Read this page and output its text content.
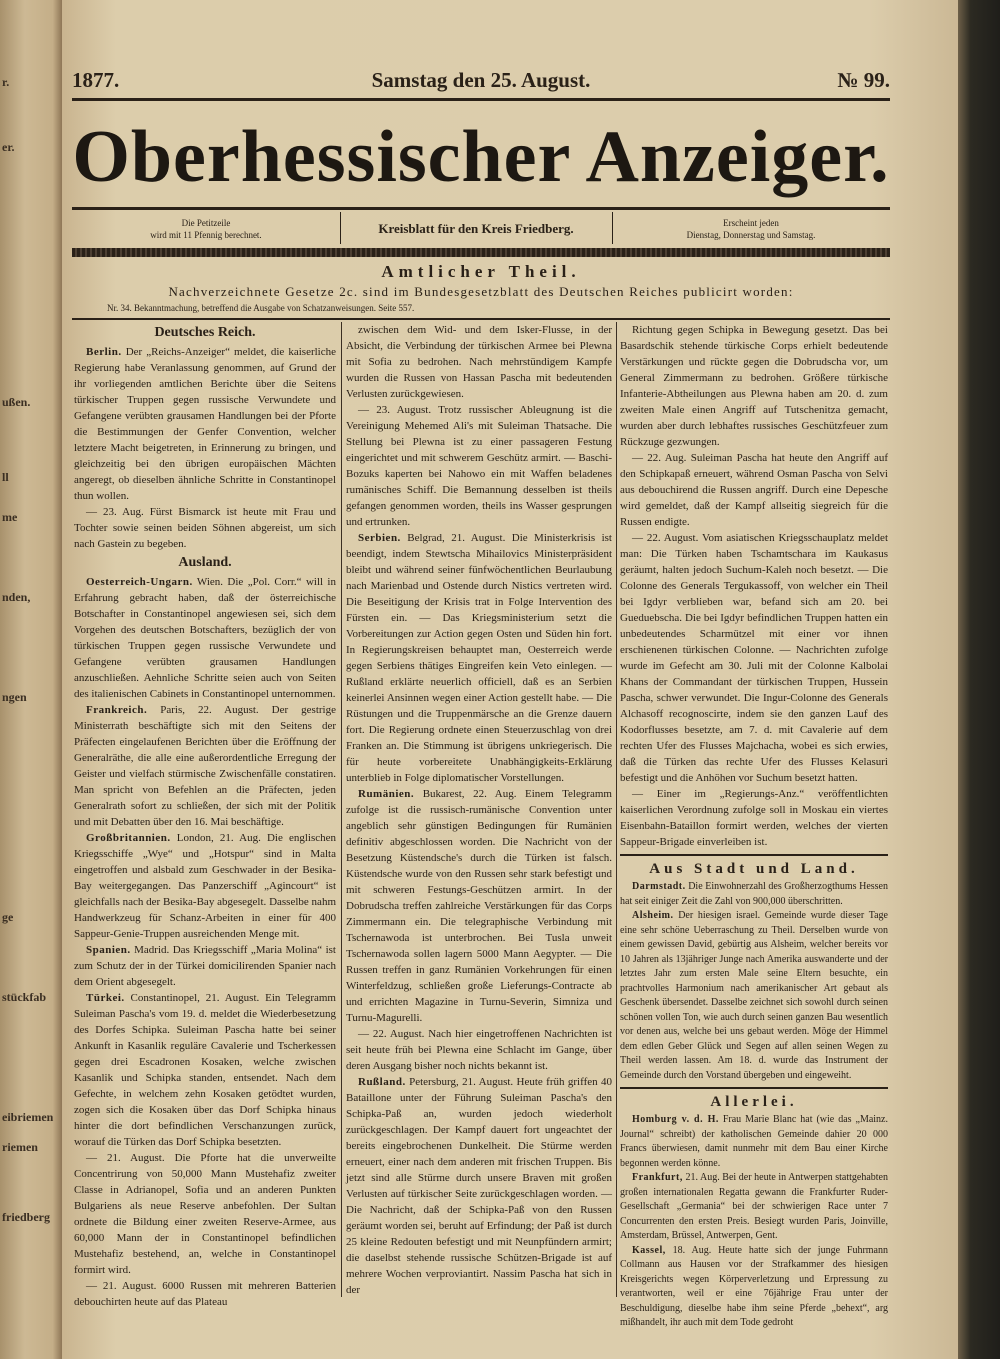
r.
er.
ußen.
ll
me
nden,
ngen
ge
stückfab
eibriemen
riemen
friedberg
1877.	Samstag den 25. August.	№ 99.
Oberhessischer Anzeiger.
Die Petitzeile
wird mit 11 Pfennig berechnet.	Kreisblatt für den Kreis Friedberg.	Erscheint jeden
Dienstag, Donnerstag und Samstag.
Amtlicher Theil.
Nachverzeichnete Gesetze 2c. sind im Bundesgesetzblatt des Deutschen Reiches publicirt worden:
Nr. 34. Bekanntmachung, betreffend die Ausgabe von Schatzanweisungen. Seite 557.
Deutsches Reich.

Berlin. Der „Reichs-Anzeiger“ meldet, die kaiserliche Regierung habe Veranlassung genommen, auf Grund der ihr vorliegenden amtlichen Berichte über die Seitens türkischer Truppen gegen russische Verwundete und Gefangene verübten grausamen Handlungen bei der Pforte die Bestimmungen der Genfer Convention, welcher letztere Macht beigetreten, in Erinnerung zu bringen, und gleichzeitig bei den übrigen europäischen Mächten angeregt, ob dieselben ähnliche Schritte in Constantinopel thun wollen.

— 23. Aug. Fürst Bismarck ist heute mit Frau und Tochter sowie seinen beiden Söhnen abgereist, um sich nach Gastein zu begeben.

Ausland.

Oesterreich-Ungarn. Wien. Die „Pol. Corr.“ will in Erfahrung gebracht haben, daß der österreichische Botschafter in Constantinopel angewiesen sei, sich dem Vorgehen des deutschen Botschafters, bezüglich der von türkischen Truppen gegen russische Verwundete und Gefangene verübten grausamen Handlungen anzuschließen. Aehnliche Schritte seien auch von Seiten des italienischen Cabinets in Constantinopel unternommen.

Frankreich. Paris, 22. August. Der gestrige Ministerrath beschäftigte sich mit den Seitens der Präfecten eingelaufenen Berichten über die Eröffnung der Generalräthe, die alle eine außerordentliche Erregung der Geister und vielfach stürmische Zwischenfälle constatiren. Man spricht von Befehlen an die Präfecten, jeden Generalrath sofort zu schließen, der sich mit der Politik und mit Debatten über den 16. Mai beschäftige.

Großbritannien. London, 21. Aug. Die englischen Kriegsschiffe „Wye“ und „Hotspur“ sind in Malta eingetroffen und alsbald zum Geschwader in der Besika-Bay weitergegangen. Das Panzerschiff „Agincourt“ ist gleichfalls nach der Besika-Bay abgesegelt. Dasselbe nahm Handwerkzeug für Schanz-Arbeiten in einer für 400 Sappeur-Genie-Truppen ausreichenden Menge mit.

Spanien. Madrid. Das Kriegsschiff „Maria Molina“ ist zum Schutz der in der Türkei domicilirenden Spanier nach dem Orient abgesegelt.

Türkei. Constantinopel, 21. August. Ein Telegramm Suleiman Pascha's vom 19. d. meldet die Wiederbesetzung des Dorfes Schipka. Suleiman Pascha hatte bei seiner Ankunft in Kasanlik reguläre Cavalerie und Tscherkessen gegen drei Escadronen Kosaken, welche zwischen Kasanlik und Schipka standen, entsendet. Nach dem Gefechte, in welchem zehn Kosaken getödtet wurden, zogen sich die Kosaken über das Dorf Schipka hinaus hinter die dort befindlichen Verschanzungen zurück, worauf die Türken das Dorf Schipka besetzten.

— 21. August. Die Pforte hat die unverweilte Concentrirung von 50,000 Mann Mustehafiz zweiter Classe in Adrianopel, Sofia und an anderen Punkten Bulgariens als neue Reserve anbefohlen. Der Sultan ordnete die Bildung einer zweiten Reserve-Armee, aus 60,000 Mann der in Constantinopel befindlichen Mustehafiz bestehend, an, welche in Constantinopel formirt wird.

— 21. August. 6000 Russen mit mehreren Batterien debouchirten heute auf das Plateau

zwischen dem Wid- und dem Isker-Flusse, in der Absicht, die Verbindung der türkischen Armee bei Plewna mit Sofia zu bedrohen. Nach mehrstündigem Kampfe wurden die Russen von Hassan Pascha mit bedeutenden Verlusten zurückgewiesen.

— 23. August. Trotz russischer Ableugnung ist die Vereinigung Mehemed Ali's mit Suleiman Thatsache. Die Stellung bei Plewna ist zu einer passageren Festung eingerichtet und mit schwerem Geschütz armirt. — Baschi-Bozuks kaperten bei Nahowo ein mit Waffen beladenes rumänisches Schiff. Die Bemannung desselben ist theils gefangen genommen worden, theils ins Wasser gesprungen und ertrunken.

Serbien. Belgrad, 21. August. Die Ministerkrisis ist beendigt, indem Stewtscha Mihailovics Ministerpräsident bleibt und während seiner fünfwöchentlichen Beurlaubung nach Marienbad und Ostende durch Nistics vertreten wird. Die Beseitigung der Krisis trat in Folge Intervention des Fürsten ein. — Das Kriegsministerium setzt die Vorbereitungen zur Action gegen Osten und Süden hin fort. In Regierungskreisen behauptet man, Oesterreich werde gegen Serbiens thätiges Eingreifen kein Veto einlegen. — Rußland erklärte neuerlich officiell, daß es an Serbien keinerlei Ansinnen wegen einer Action gestellt habe. — Die Rüstungen und die Truppenmärsche an die Grenze dauern fort. Die Regierung ordnete einen Steuerzuschlag von drei Franken an. Die Stimmung ist übrigens unkriegerisch. Die für heute vorbereitete Unabhängigkeits-Erklärung unterblieb in Folge diplomatischer Vorstellungen.

Rumänien. Bukarest, 22. Aug. Einem Telegramm zufolge ist die russisch-rumänische Convention unter angeblich sehr günstigen Bedingungen für Rumänien definitiv abgeschlossen worden. Die Nachricht von der Besetzung Küstendsche's durch die Türken ist falsch. Küstendsche wurde von den Russen sehr stark befestigt und mit schweren Festungs-Geschützen armirt. In der Dobrudscha treffen zahlreiche Verstärkungen für das Corps Zimmermann ein. Die telegraphische Verbindung mit Tschernawoda ist unterbrochen. Bei Tusla unweit Tschernawoda sollen lagern 5000 Mann Aegypter. — Die Russen treffen in ganz Rumänien Vorkehrungen für einen Winterfeldzug, schließen große Lieferungs-Contracte ab und errichten Magazine in Turnu-Severin, Simniza und Turnu-Magurelli.

— 22. August. Nach hier eingetroffenen Nachrichten ist seit heute früh bei Plewna eine Schlacht im Gange, über deren Ausgang bisher noch nichts bekannt ist.

Rußland. Petersburg, 21. August. Heute früh griffen 40 Bataillone unter der Führung Suleiman Pascha's den Schipka-Paß an, wurden jedoch wiederholt zurückgeschlagen. Der Kampf dauert fort ungeachtet der bereits eingebrochenen Dunkelheit. Die Stürme werden erneuert, einer nach dem anderen mit frischen Truppen. Bis jetzt sind alle Stürme durch unsere Braven mit großen Verlusten auf türkischer Seite zurückgeschlagen worden. — Die Nachricht, daß der Schipka-Paß von den Russen geräumt worden sei, beruht auf Erfindung; der Paß ist durch 25 kleine Redouten befestigt und mit Neunpfündern armirt; die daselbst stehende russische Schützen-Brigade ist auf mehrere Wochen verproviantirt. Nassim Pascha hat sich in der

Richtung gegen Schipka in Bewegung gesetzt. Das bei Basardschik stehende türkische Corps erhielt bedeutende Verstärkungen und rückte gegen die Dobrudscha vor, um General Zimmermann zu bedrohen. Größere türkische Infanterie-Abtheilungen aus Plewna haben am 20. d. zum zweiten Male einen Angriff auf Tutschenitza gemacht, wurden aber durch lebhaftes russisches Geschützfeuer zum Rückzuge gezwungen.

— 22. Aug. Suleiman Pascha hat heute den Angriff auf den Schipkapaß erneuert, während Osman Pascha von Selvi aus debouchirend die Russen angriff. Durch eine Depesche wird gemeldet, daß der Kampf allseitig siegreich für die Russen endigte.

— 22. August. Vom asiatischen Kriegsschauplatz meldet man: Die Türken haben Tschamtschara im Kaukasus geräumt, halten jedoch Suchum-Kaleh noch besetzt. — Die Colonne des Generals Tergukassoff, von welcher ein Theil bei Igdyr verblieben war, befand sich am 20. bei Gueduebscha. Die bei Igdyr befindlichen Truppen hatten ein unbedeutendes Scharmützel mit einer vor ihnen erschienenen türkischen Colonne. — Nachrichten zufolge wurde im Gefecht am 30. Juli mit der Colonne Kalbolai Khans der Commandant der türkischen Truppen, Hussein Pascha, schwer verwundet. Die Ingur-Colonne des Generals Alchasoff recognoscirte, indem sie den ganzen Lauf des Kodorflusses besetzte, am 7. d. mit Cavalerie auf dem rechten Ufer des Flusses Majchacha, wobei es sich erwies, daß die Türken das rechte Ufer des Flusses Kelasuri befestigt und die Anhöhen vor Suchum besetzt hatten.

— Einer im „Regierungs-Anz.“ veröffentlichten kaiserlichen Verordnung zufolge soll in Moskau ein viertes Eisenbahn-Bataillon formirt werden, welches der vierten Sappeur-Brigade einverleiben ist.

Aus Stadt und Land.

Darmstadt. Die Einwohnerzahl des Großherzogthums Hessen hat seit einiger Zeit die Zahl von 900,000 überschritten.

Alsheim. Der hiesigen israel. Gemeinde wurde dieser Tage eine sehr schöne Ueberraschung zu Theil. Derselben wurde von einem gewissen David, gebürtig aus Alsheim, welcher bereits vor 10 Jahren als 13jähriger Junge nach Amerika auswanderte und der letztes Jahr zum ersten Male seine Eltern besuchte, ein prachtvolles Harmonium nach amerikanischer Art gebaut als Geschenk übersendet. Dasselbe zeichnet sich sowohl durch seinen schönen vollen Ton, wie auch durch seinen ganzen Bau wesentlich vor denen aus, welche bei uns gebaut werden. Möge der Himmel dem edlen Geber Glück und Segen auf allen seinen Wegen zu Theil werden lassen. Am 18. d. wurde das Instrument der Gemeinde durch den Vorstand übergeben und eingeweiht.

Allerlei.

Homburg v. d. H. Frau Marie Blanc hat (wie das „Mainz. Journal“ schreibt) der katholischen Gemeinde dahier 20 000 Francs überwiesen, damit nunmehr mit dem Bau einer Kirche begonnen werden könne.

Frankfurt, 21. Aug. Bei der heute in Antwerpen stattgehabten großen internationalen Regatta gewann die Frankfurter Ruder-Gesellschaft „Germania“ bei der schwierigen Race unter 7 Concurrenten den ersten Preis. Besiegt wurden Paris, Joinville, Amsterdam, Brüssel, Antwerpen, Gent.

Kassel, 18. Aug. Heute hatte sich der junge Fuhrmann Collmann aus Hausen vor der Strafkammer des hiesigen Kreisgerichts wegen Körperverletzung und Erpressung zu verantworten, weil er eine 76jährige Frau unter der Beschuldigung, dieselbe habe ihm seine Pferde „behext“, arg mißhandelt, ihr auch mit dem Tode gedroht
